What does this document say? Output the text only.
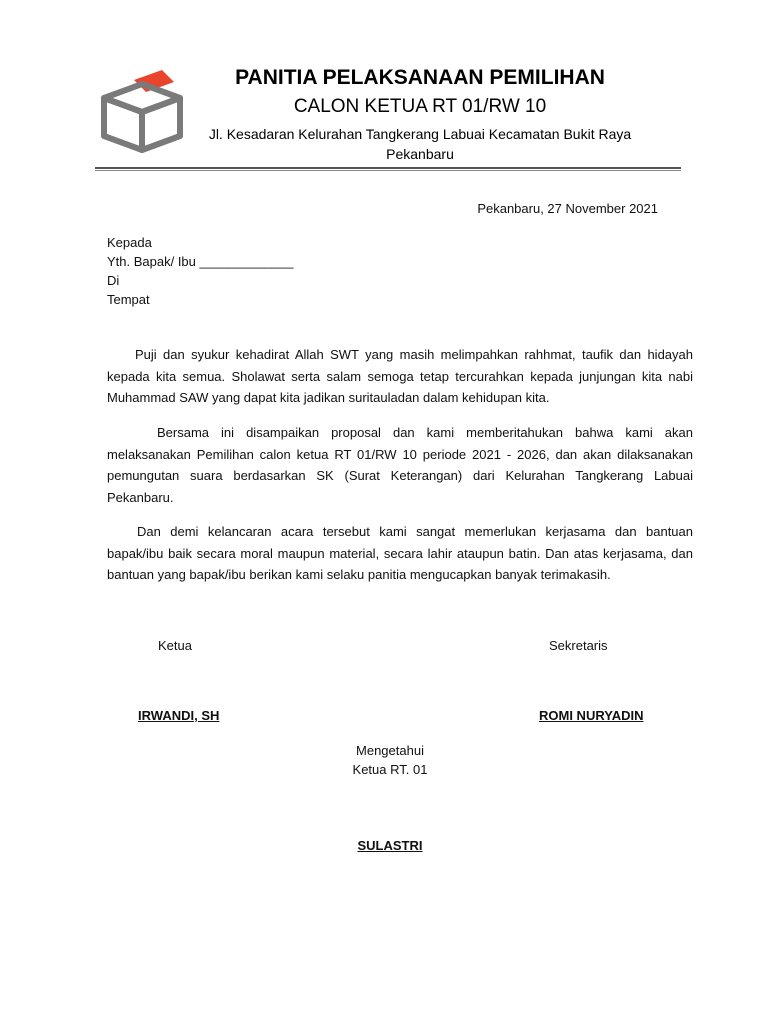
PANITIA PELAKSANAAN PEMILIHAN
CALON KETUA RT 01/RW 10
Jl. Kesadaran Kelurahan Tangkerang Labuai Kecamatan Bukit Raya Pekanbaru
Pekanbaru, 27 November 2021
Kepada
Yth. Bapak/ Ibu _____________
Di
Tempat
Puji dan syukur kehadirat Allah SWT yang masih melimpahkan rahhmat, taufik dan hidayah kepada kita semua. Sholawat serta salam semoga tetap tercurahkan kepada junjungan kita nabi Muhammad SAW yang dapat kita jadikan suritauladan dalam kehidupan kita.
Bersama ini disampaikan proposal dan kami memberitahukan bahwa kami akan melaksanakan Pemilihan calon ketua RT 01/RW 10 periode 2021 - 2026, dan akan dilaksanakan pemungutan suara berdasarkan SK (Surat Keterangan) dari Kelurahan Tangkerang Labuai Pekanbaru.
Dan demi kelancaran acara tersebut kami sangat memerlukan kerjasama dan bantuan bapak/ibu baik secara moral maupun material, secara lahir ataupun batin. Dan atas kerjasama, dan bantuan yang bapak/ibu berikan kami selaku panitia mengucapkan banyak terimakasih.
Ketua	Sekretaris
IRWANDI, SH	ROMI NURYADIN
Mengetahui
Ketua RT. 01
SULASTRI
